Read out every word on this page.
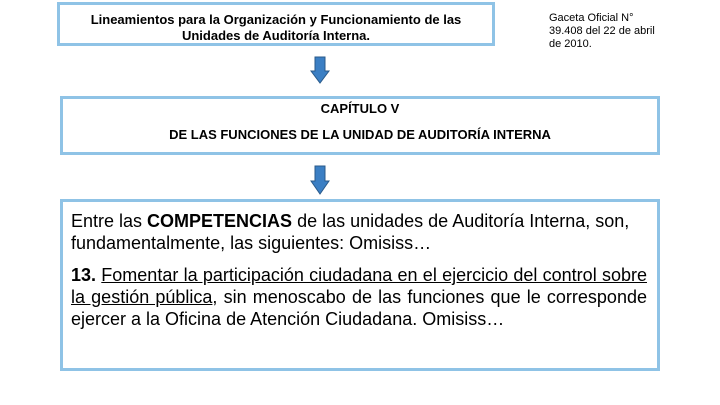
Lineamientos para la Organización y Funcionamiento de las
Unidades de Auditoría Interna.
Gaceta Oficial N°
39.408 del 22 de abril
de 2010.
CAPÍTULO V
DE LAS FUNCIONES DE LA UNIDAD DE AUDITORÍA INTERNA
Entre las COMPETENCIAS de las unidades de Auditoría Interna, son, fundamentalmente, las siguientes: Omisiss…
13. Fomentar la participación ciudadana en el ejercicio del control sobre la gestión pública, sin menoscabo de las funciones que le corresponde ejercer a la Oficina de Atención Ciudadana. Omisiss…
